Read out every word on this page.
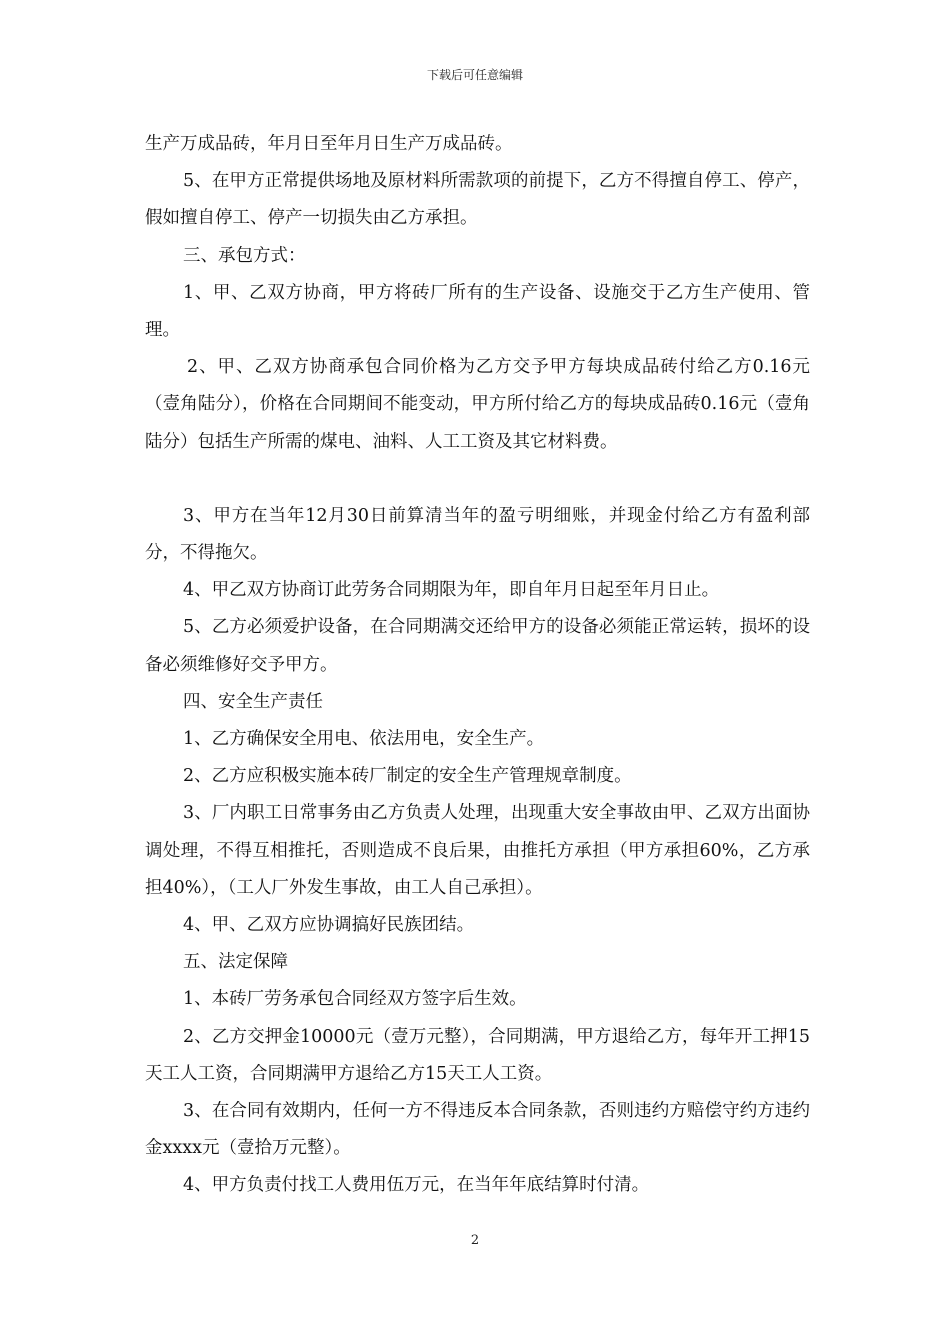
下载后可任意编辑

生产万成品砖，年月日至年月日生产万成品砖。

5、在甲方正常提供场地及原材料所需款项的前提下，乙方不得擅自停工、停产，假如擅自停工、停产一切损失由乙方承担。

三、承包方式：

1、甲、乙双方协商，甲方将砖厂所有的生产设备、设施交于乙方生产使用、管理。

2、甲、乙双方协商承包合同价格为乙方交予甲方每块成品砖付给乙方0.16元（壹角陆分），价格在合同期间不能变动，甲方所付给乙方的每块成品砖0.16元（壹角陆分）包括生产所需的煤电、油料、人工工资及其它材料费。

3、甲方在当年12月30日前算清当年的盈亏明细账，并现金付给乙方有盈利部分，不得拖欠。

4、甲乙双方协商订此劳务合同期限为年，即自年月日起至年月日止。

5、乙方必须爱护设备，在合同期满交还给甲方的设备必须能正常运转，损坏的设备必须维修好交予甲方。

四、安全生产责任

1、乙方确保安全用电、依法用电，安全生产。

2、乙方应积极实施本砖厂制定的安全生产管理规章制度。

3、厂内职工日常事务由乙方负责人处理，出现重大安全事故由甲、乙双方出面协调处理，不得互相推托，否则造成不良后果，由推托方承担（甲方承担60%，乙方承担40%），（工人厂外发生事故，由工人自己承担）。

4、甲、乙双方应协调搞好民族团结。

五、法定保障

1、本砖厂劳务承包合同经双方签字后生效。

2、乙方交押金10000元（壹万元整），合同期满，甲方退给乙方，每年开工押15天工人工资，合同期满甲方退给乙方15天工人工资。

3、在合同有效期内，任何一方不得违反本合同条款，否则违约方赔偿守约方违约金xxxx元（壹拾万元整）。

4、甲方负责付找工人费用伍万元，在当年年底结算时付清。

2
